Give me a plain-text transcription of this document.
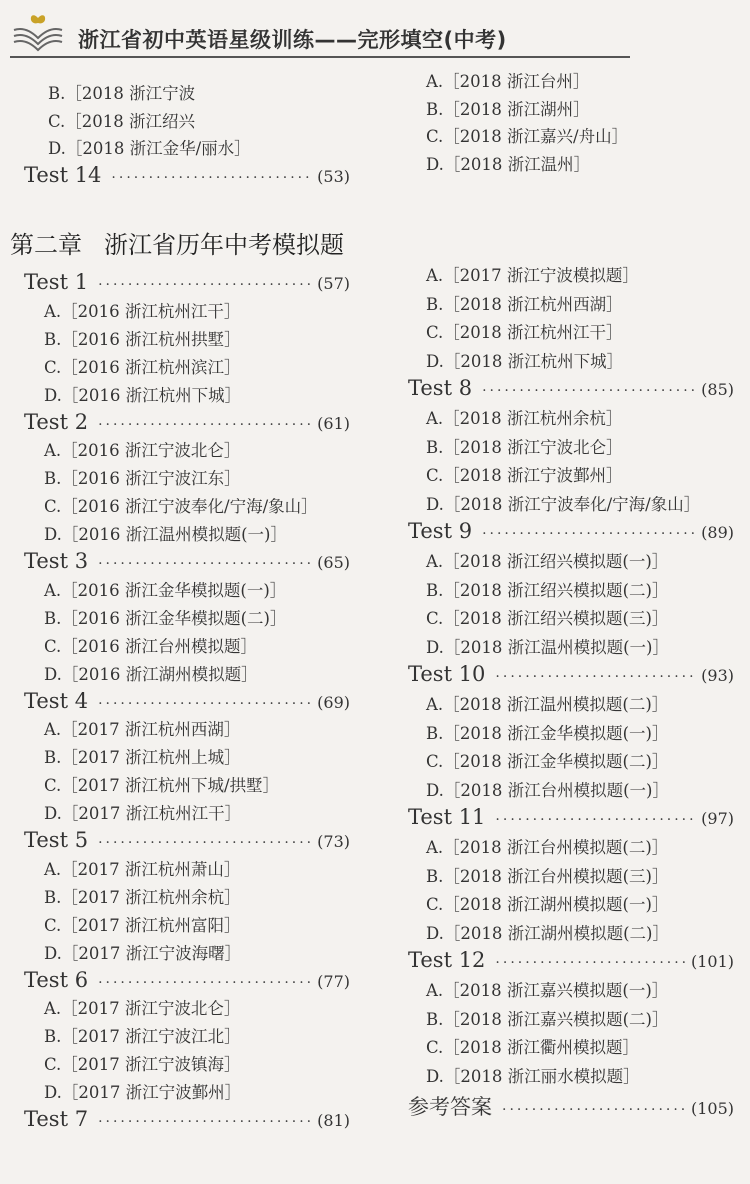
浙江省初中英语星级训练——完形填空(中考)
B.［2018 浙江宁波
C.［2018 浙江绍兴
D.［2018 浙江金华/丽水］
Test 14 ·····	(53)
A.［2018 浙江台州］
B.［2018 浙江湖州］
C.［2018 浙江嘉兴/舟山］
D.［2018 浙江温州］
第二章 浙江省历年中考模拟题
Test 1 ·····	(57)
A.［2016 浙江杭州江干］
B.［2016 浙江杭州拱墅］
C.［2016 浙江杭州滨江］
D.［2016 浙江杭州下城］
Test 2 ·····	(61)
A.［2016 浙江宁波北仑］
B.［2016 浙江宁波江东］
C.［2016 浙江宁波奉化/宁海/象山］
D.［2016 浙江温州模拟题(一)］
Test 3 ·····	(65)
A.［2016 浙江金华模拟题(一)］
B.［2016 浙江金华模拟题(二)］
C.［2016 浙江台州模拟题］
D.［2016 浙江湖州模拟题］
Test 4 ·····	(69)
A.［2017 浙江杭州西湖］
B.［2017 浙江杭州上城］
C.［2017 浙江杭州下城/拱墅］
D.［2017 浙江杭州江干］
Test 5 ·····	(73)
A.［2017 浙江杭州萧山］
B.［2017 浙江杭州余杭］
C.［2017 浙江杭州富阳］
D.［2017 浙江宁波海曙］
Test 6 ·····	(77)
A.［2017 浙江宁波北仑］
B.［2017 浙江宁波江北］
C.［2017 浙江宁波镇海］
D.［2017 浙江宁波鄞州］
Test 7 ·····	(81)
A.［2017 浙江宁波模拟题］
B.［2018 浙江杭州西湖］
C.［2018 浙江杭州江干］
D.［2018 浙江杭州下城］
Test 8 ·····	(85)
A.［2018 浙江杭州余杭］
B.［2018 浙江宁波北仑］
C.［2018 浙江宁波鄞州］
D.［2018 浙江宁波奉化/宁海/象山］
Test 9 ·····	(89)
A.［2018 浙江绍兴模拟题(一)］
B.［2018 浙江绍兴模拟题(二)］
C.［2018 浙江绍兴模拟题(三)］
D.［2018 浙江温州模拟题(一)］
Test 10 ·····	(93)
A.［2018 浙江温州模拟题(二)］
B.［2018 浙江金华模拟题(一)］
C.［2018 浙江金华模拟题(二)］
D.［2018 浙江台州模拟题(一)］
Test 11 ·····	(97)
A.［2018 浙江台州模拟题(二)］
B.［2018 浙江台州模拟题(三)］
C.［2018 浙江湖州模拟题(一)］
D.［2018 浙江湖州模拟题(二)］
Test 12 ·····	(101)
A.［2018 浙江嘉兴模拟题(一)］
B.［2018 浙江嘉兴模拟题(二)］
C.［2018 浙江衢州模拟题］
D.［2018 浙江丽水模拟题］
参考答案 ·····	(105)
